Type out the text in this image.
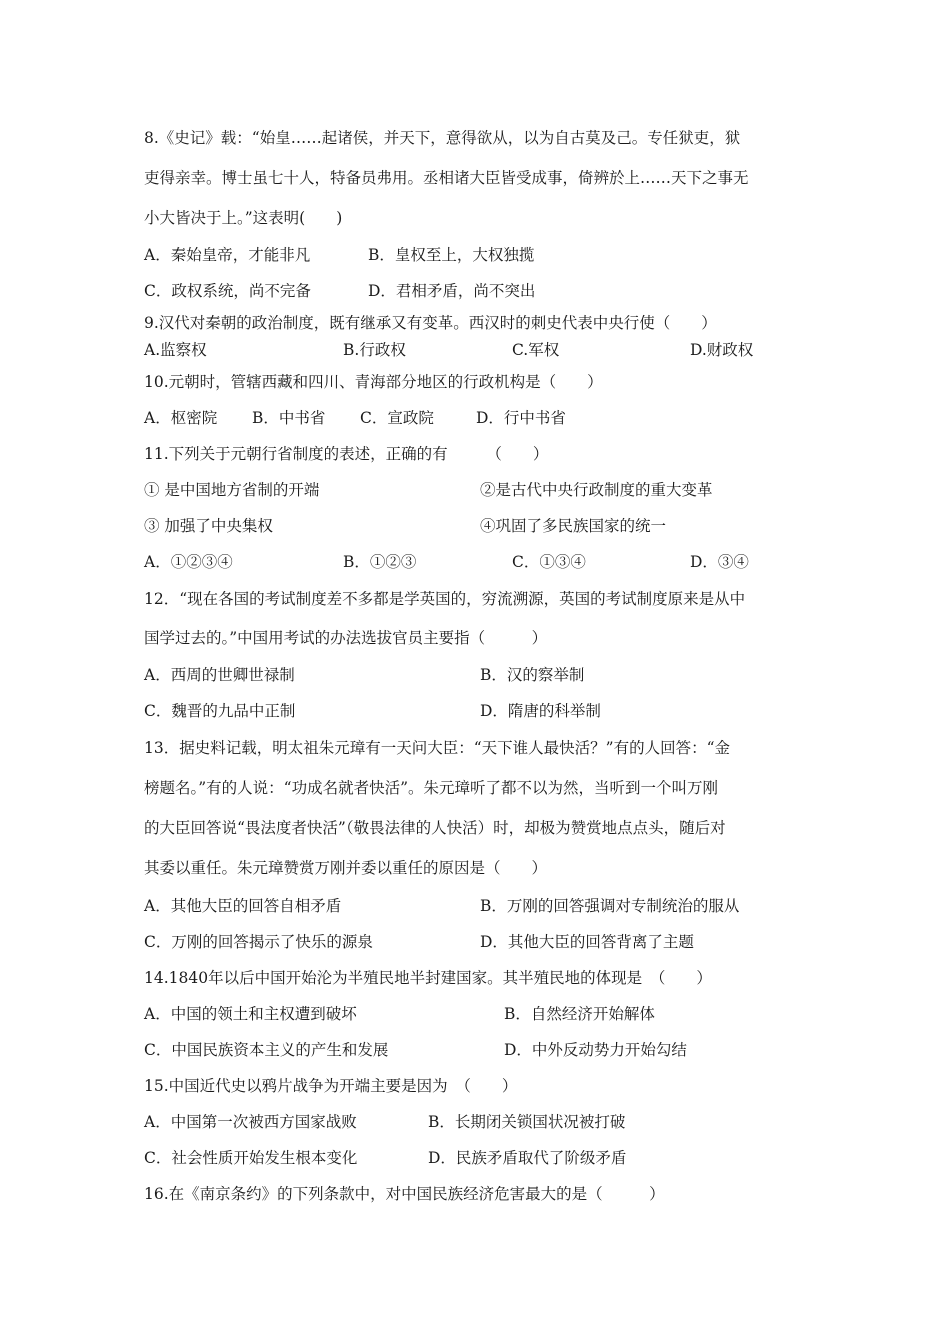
8.《史记》载：“始皇……起诸侯，并天下，意得欲从，以为自古莫及己。专任狱吏，狱
吏得亲幸。博士虽七十人，特备员弗用。丞相诸大臣皆受成事，倚辨於上……天下之事无
小大皆决于上。”这表明(　　)
A．秦始皇帝，才能非凡	B．皇权至上，大权独揽
C．政权系统，尚不完备	D．君相矛盾，尚不突出
9.汉代对秦朝的政治制度，既有继承又有变革。西汉时的刺史代表中央行使（　　）
A.监察权	B.行政权	C.军权	D.财政权
10.元朝时，管辖西藏和四川、青海部分地区的行政机构是（　　）
A．枢密院 B．中书省 C．宣政院	D．行中书省
11.下列关于元朝行省制度的表述，正确的有　　　（　　）
① 是中国地方省制的开端	②是古代中央行政制度的重大变革
③ 加强了中央集权	④巩固了多民族国家的统一
A．①②③④	B．①②③	C．①③④	D．③④
12．“现在各国的考试制度差不多都是学英国的，穷流溯源，英国的考试制度原来是从中
国学过去的。”中国用考试的办法选拔官员主要指（　　　）
A．西周的世卿世禄制	B．汉的察举制
C．魏晋的九品中正制	D．隋唐的科举制
13．据史料记载，明太祖朱元璋有一天问大臣：“天下谁人最快活？”有的人回答：“金
榜题名。”有的人说：“功成名就者快活”。朱元璋听了都不以为然，当听到一个叫万刚
的大臣回答说“畏法度者快活”（敬畏法律的人快活）时，却极为赞赏地点点头，随后对
其委以重任。朱元璋赞赏万刚并委以重任的原因是（　　）
A．其他大臣的回答自相矛盾	B．万刚的回答强调对专制统治的服从
C．万刚的回答揭示了快乐的源泉	D．其他大臣的回答背离了主题
14.1840年以后中国开始沦为半殖民地半封建国家。其半殖民地的体现是　（　　）
A．中国的领土和主权遭到破坏	B．自然经济开始解体
C．中国民族资本主义的产生和发展	D．中外反动势力开始勾结
15.中国近代史以鸦片战争为开端主要是因为　（　　）
A．中国第一次被西方国家战败	B．长期闭关锁国状况被打破
C．社会性质开始发生根本变化	D．民族矛盾取代了阶级矛盾
16.在《南京条约》的下列条款中，对中国民族经济危害最大的是（　　　）
